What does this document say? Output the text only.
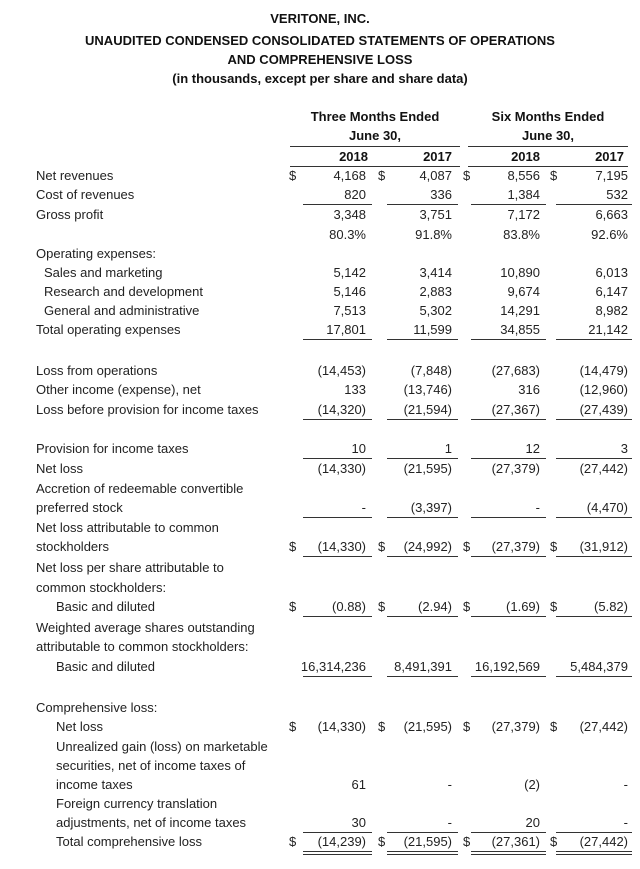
VERITONE, INC.
UNAUDITED CONDENSED CONSOLIDATED STATEMENTS OF OPERATIONS
AND COMPREHENSIVE LOSS
(in thousands, except per share and share data)
Three Months Ended
June 30,
Six Months Ended
June 30,
2018	2017	2018	2017
Net revenues	4,168	4,087	8,556	7,195
$	$	$	$
Cost of revenues	820	336	1,384	532
Gross profit	3,348	3,751	7,172	6,663
80.3%	91.8%	83.8%	92.6%
Operating expenses:
Sales and marketing	5,142	3,414	10,890	6,013
Research and development	5,146	2,883	9,674	6,147
General and administrative	7,513	5,302	14,291	8,982
Total operating expenses	17,801	11,599	34,855	21,142
Loss from operations	(14,453)	(7,848)	(27,683)	(14,479)
Other income (expense), net	133	(13,746)	316	(12,960)
Loss before provision for income taxes	(14,320)	(21,594)	(27,367)	(27,439)
Provision for income taxes	10	1	12	3
Net loss	(14,330)	(21,595)	(27,379)	(27,442)
Accretion of redeemable convertible
preferred stock	-	(3,397)	-	(4,470)
Net loss attributable to common
stockholders	(14,330)	(24,992)	(27,379)	(31,912)
$	$	$	$
Net loss per share attributable to
common stockholders:
Basic and diluted	(0.88)	(2.94)	(1.69)	(5.82)
$	$	$	$
Weighted average shares outstanding
attributable to common stockholders:
Basic and diluted	16,314,236	8,491,391	16,192,569	5,484,379
Comprehensive loss:
Net loss	(14,330)	(21,595)	(27,379)	(27,442)
$	$	$	$
Unrealized gain (loss) on marketable
securities, net of income taxes of
income taxes	61	-	(2)	-
Foreign currency translation
adjustments, net of income taxes	30	-	20	-
Total comprehensive loss	(14,239)	(21,595)	(27,361)	(27,442)
$	$	$	$
